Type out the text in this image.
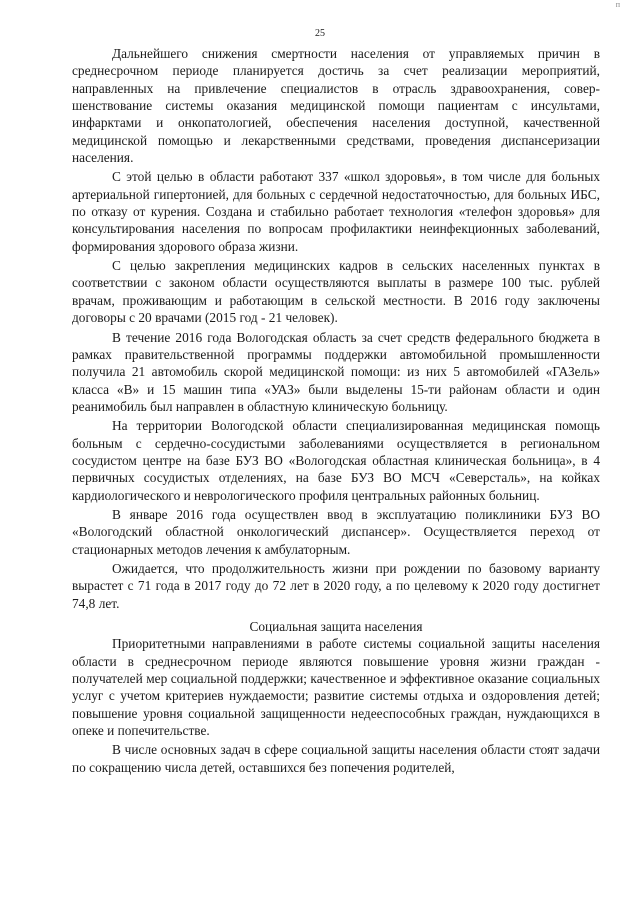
п
25

Дальнейшего снижения смертности населения от управляемых причин в среднесрочном периоде планируется достичь за счет реализации мероприятий, направленных на привлечение специалистов в отрасль здравоохранения, совершенствование системы оказания медицинской помощи пациентам с инсультами, инфарктами и онкопатологией, обеспечения населения доступной, качественной медицинской помощью и лекарственными средствами, проведения диспансеризации населения.

С этой целью в области работают 337 «школ здоровья», в том числе для больных артериальной гипертонией, для больных с сердечной недостаточностью, для больных ИБС, по отказу от курения. Создана и стабильно работает технология «телефон здоровья» для консультирования населения по вопросам профилактики неинфекционных заболеваний, формирования здорового образа жизни.

С целью закрепления медицинских кадров в сельских населенных пунктах в соответствии с законом области осуществляются выплаты в размере 100 тыс. рублей врачам, проживающим и работающим в сельской местности. В 2016 году заключены договоры с 20 врачами (2015 год - 21 человек).

В течение 2016 года Вологодская область за счет средств федерального бюджета в рамках правительственной программы поддержки автомобильной промышленности получила 21 автомобиль скорой медицинской помощи: из них 5 автомобилей «ГАЗель» класса «В» и 15 машин типа «УАЗ» были выделены 15-ти районам области и один реанимобиль был направлен в областную клиническую больницу.

На территории Вологодской области специализированная медицинская помощь больным с сердечно-сосудистыми заболеваниями осуществляется в региональном сосудистом центре на базе БУЗ ВО «Вологодская областная клиническая больница», в 4 первичных сосудистых отделениях, на базе БУЗ ВО МСЧ «Северсталь», на койках кардиологического и неврологического профиля центральных районных больниц.

В январе 2016 года осуществлен ввод в эксплуатацию поликлиники БУЗ ВО «Вологодский областной онкологический диспансер». Осуществляется переход от стационарных методов лечения к амбулаторным.

Ожидается, что продолжительность жизни при рождении по базовому варианту вырастет с 71 года в 2017 году до 72 лет в 2020 году, а по целевому к 2020 году достигнет 74,8 лет.

Социальная защита населения

Приоритетными направлениями в работе системы социальной защиты населения области в среднесрочном периоде являются повышение уровня жизни граждан - получателей мер социальной поддержки; качественное и эффективное оказание социальных услуг с учетом критериев нуждаемости; развитие системы отдыха и оздоровления детей; повышение уровня социальной защищенности недееспособных граждан, нуждающихся в опеке и попечительстве.

В числе основных задач в сфере социальной защиты населения области стоят задачи по сокращению числа детей, оставшихся без попечения родителей,
